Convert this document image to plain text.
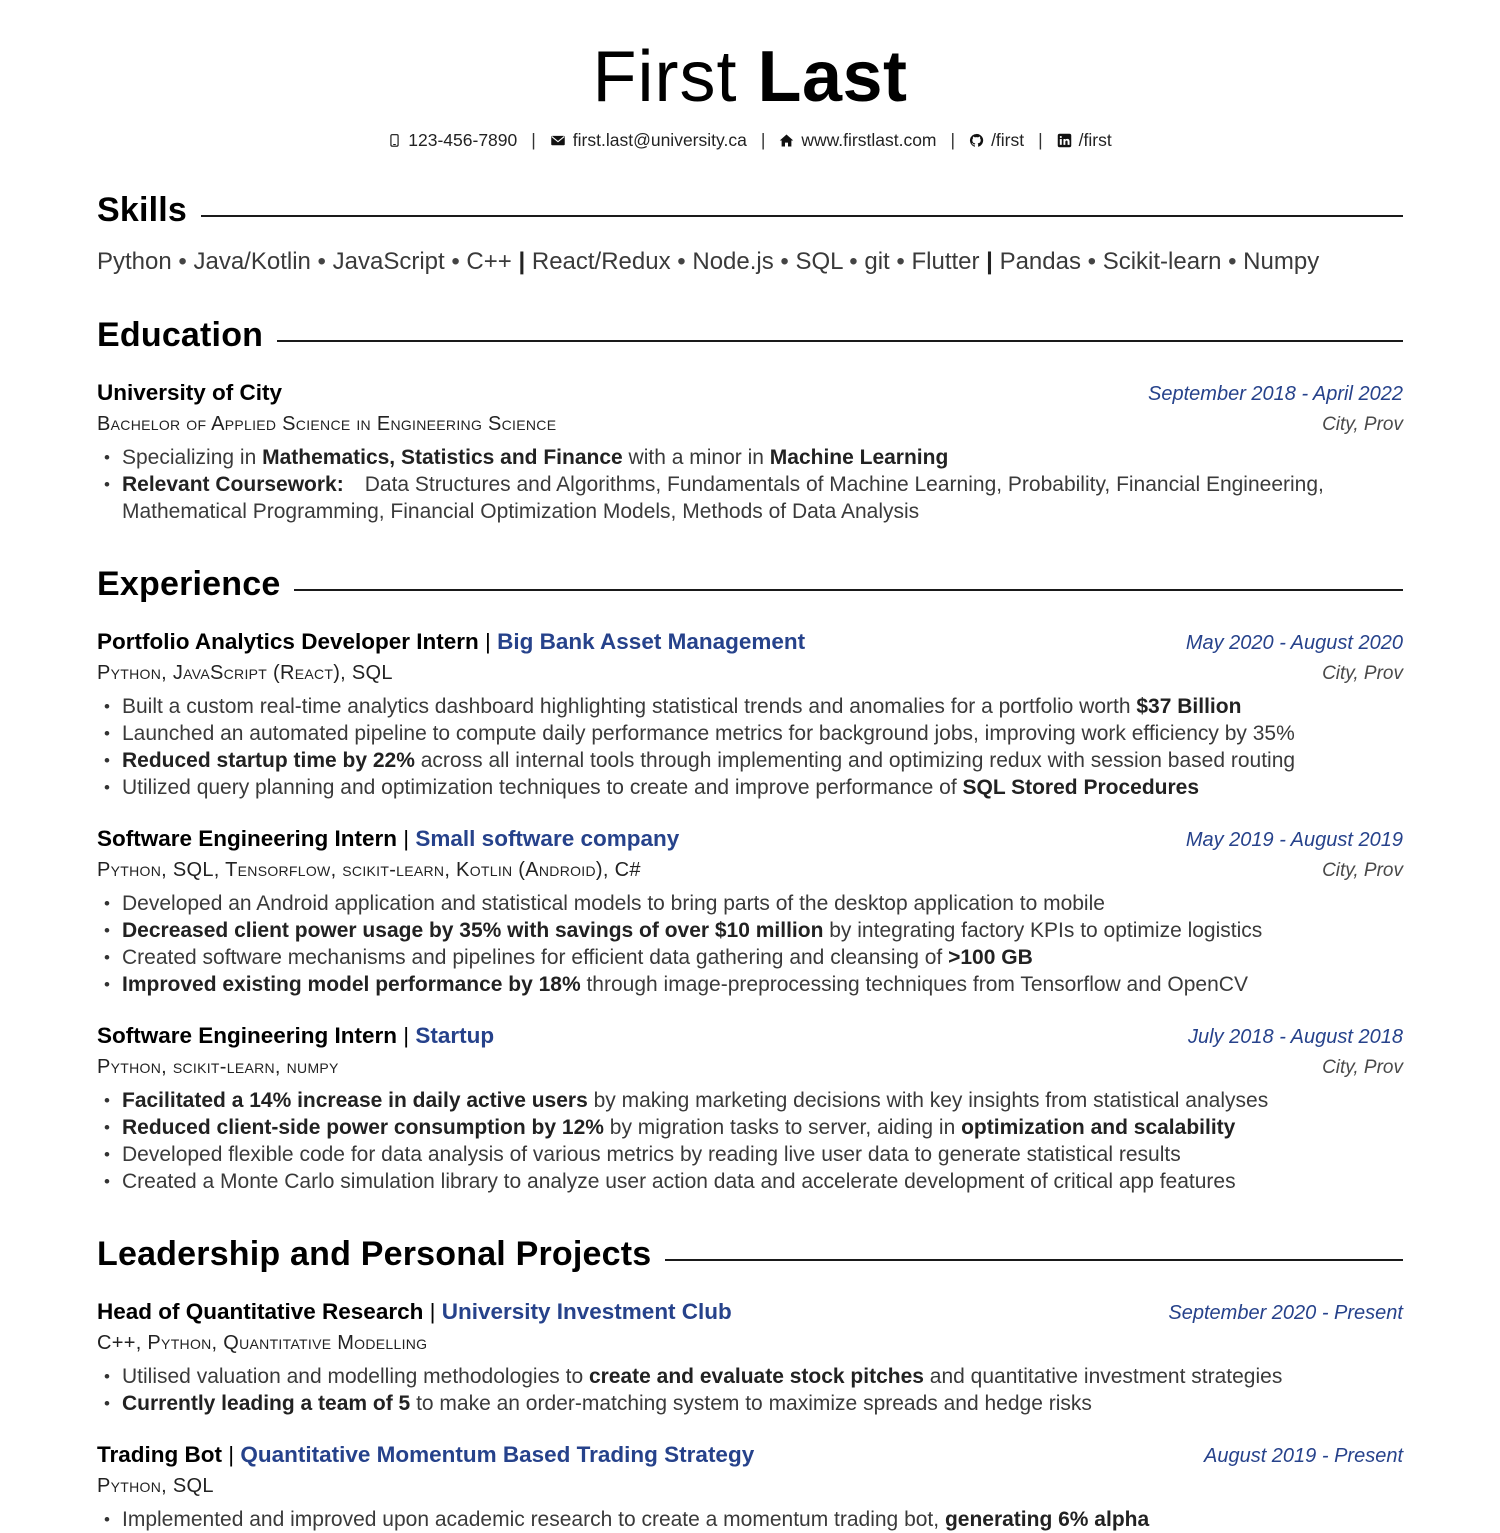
First Last
123-456-7890 | first.last@university.ca | www.firstlast.com | /first | /first
Skills

Python • Java/Kotlin • JavaScript • C++ | React/Redux • Node.js • SQL • git • Flutter | Pandas • Scikit-learn • Numpy

Education
University of City	September 2018 - April 2022
Bachelor of Applied Science in Engineering Science	City, Prov
• Specializing in Mathematics, Statistics and Finance with a minor in Machine Learning
• Relevant Coursework: Data Structures and Algorithms, Fundamentals of Machine Learning, Probability, Financial Engineering, Mathematical Programming, Financial Optimization Models, Methods of Data Analysis
Experience
Portfolio Analytics Developer Intern | Big Bank Asset Management	May 2020 - August 2020
Python, JavaScript (React), SQL	City, Prov
• Built a custom real-time analytics dashboard highlighting statistical trends and anomalies for a portfolio worth $37 Billion
• Launched an automated pipeline to compute daily performance metrics for background jobs, improving work efficiency by 35%
• Reduced startup time by 22% across all internal tools through implementing and optimizing redux with session based routing
• Utilized query planning and optimization techniques to create and improve performance of SQL Stored Procedures
Software Engineering Intern | Small software company	May 2019 - August 2019
Python, SQL, Tensorflow, scikit-learn, Kotlin (Android), C#	City, Prov
• Developed an Android application and statistical models to bring parts of the desktop application to mobile
• Decreased client power usage by 35% with savings of over $10 million by integrating factory KPIs to optimize logistics
• Created software mechanisms and pipelines for efficient data gathering and cleansing of >100 GB
• Improved existing model performance by 18% through image-preprocessing techniques from Tensorflow and OpenCV
Software Engineering Intern | Startup	July 2018 - August 2018
Python, scikit-learn, numpy	City, Prov
• Facilitated a 14% increase in daily active users by making marketing decisions with key insights from statistical analyses
• Reduced client-side power consumption by 12% by migration tasks to server, aiding in optimization and scalability
• Developed flexible code for data analysis of various metrics by reading live user data to generate statistical results
• Created a Monte Carlo simulation library to analyze user action data and accelerate development of critical app features
Leadership and Personal Projects
Head of Quantitative Research | University Investment Club	September 2020 - Present
C++, Python, Quantitative Modelling
• Utilised valuation and modelling methodologies to create and evaluate stock pitches and quantitative investment strategies
• Currently leading a team of 5 to make an order-matching system to maximize spreads and hedge risks
Trading Bot | Quantitative Momentum Based Trading Strategy	August 2019 - Present
Python, SQL
• Implemented and improved upon academic research to create a momentum trading bot, generating 6% alpha
